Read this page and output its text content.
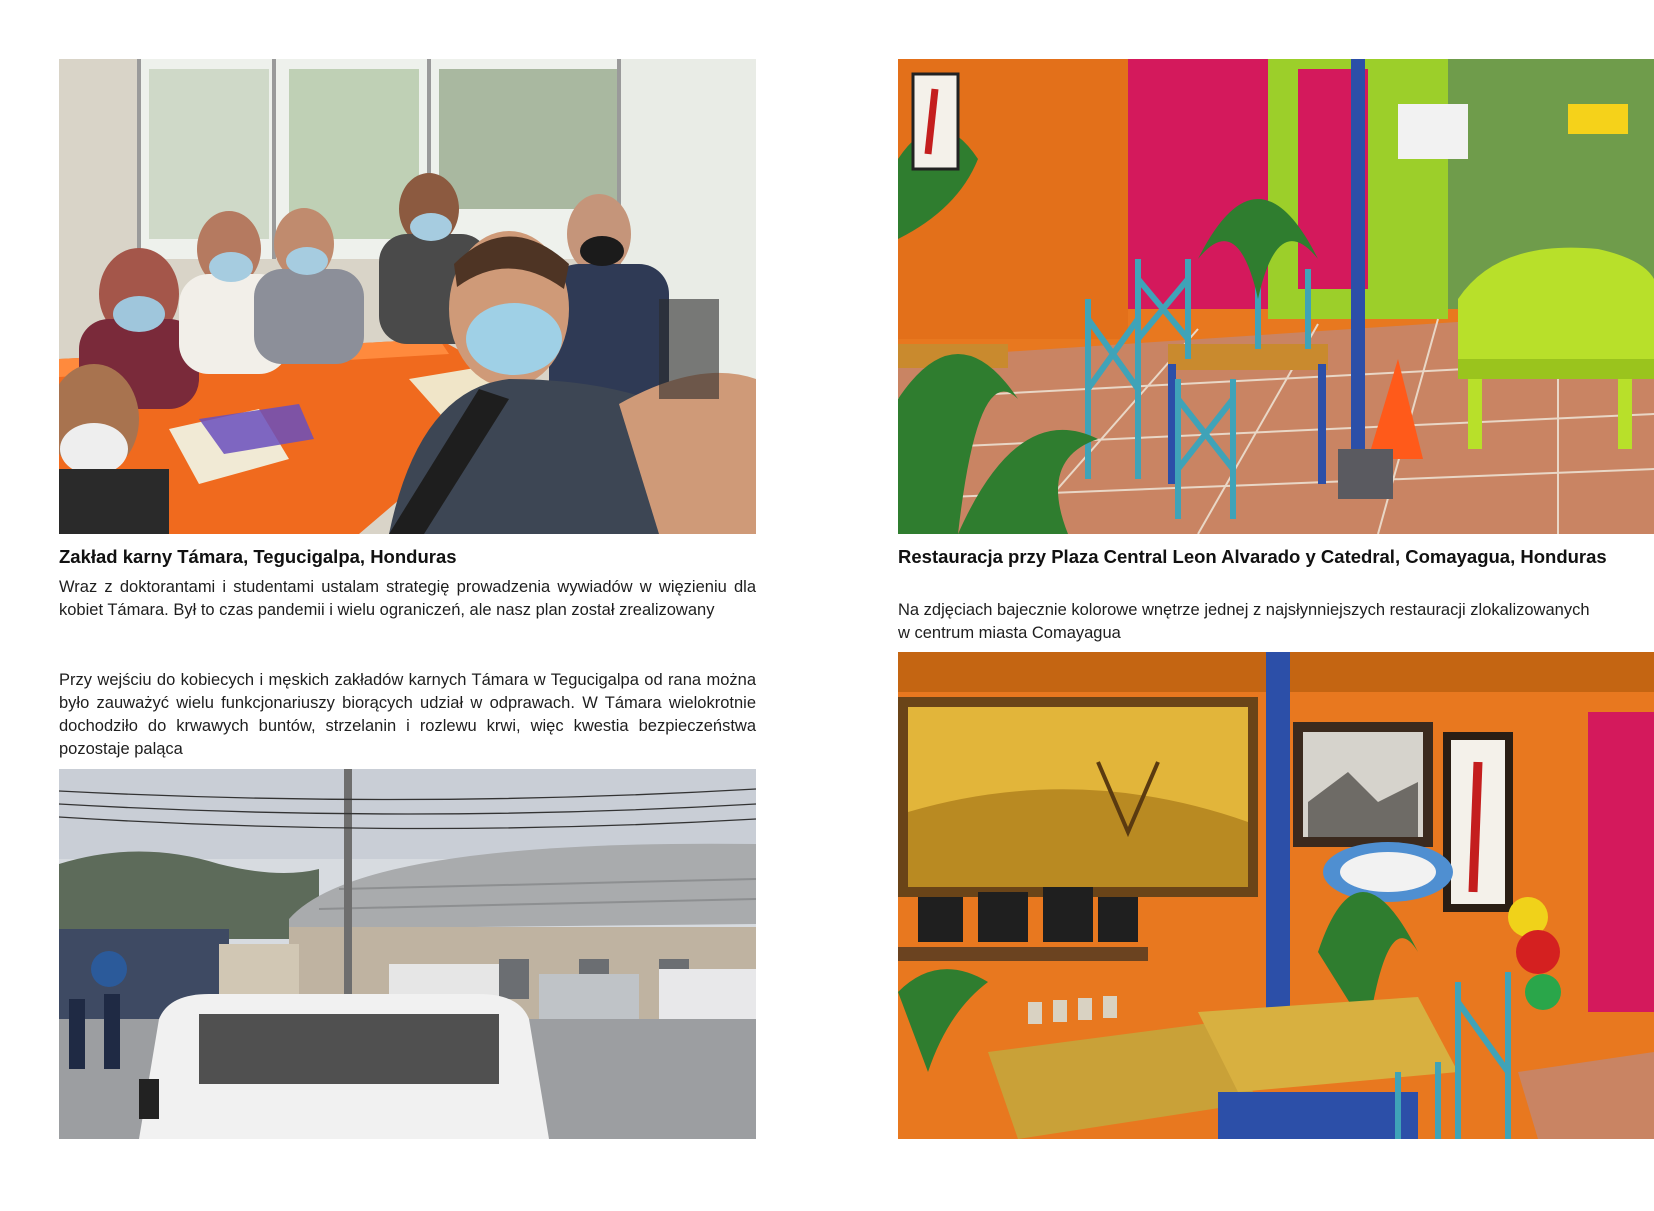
Zakład karny Támara, Tegucigalpa, Honduras

Wraz z doktorantami i studentami ustalam strategię prowadzenia wywiadów w więzieniu dla kobiet Támara. Był to czas pandemii i wielu ograniczeń, ale nasz plan został zrealizowany

Przy wejściu do kobiecych i męskich zakładów karnych Támara w Tegucigalpa od rana można było zauważyć wielu funkcjonariuszy biorących udział w odprawach. W Támara wielokrotnie dochodziło do krwawych buntów, strzelanin i rozlewu krwi, więc kwestia bezpieczeństwa pozostaje paląca

Restauracja przy Plaza Central Leon Alvarado y Catedral, Comayagua, Honduras

Na zdjęciach bajecznie kolorowe wnętrze jednej z najsłynniejszych restauracji zlokalizowanych w centrum miasta Comayagua
